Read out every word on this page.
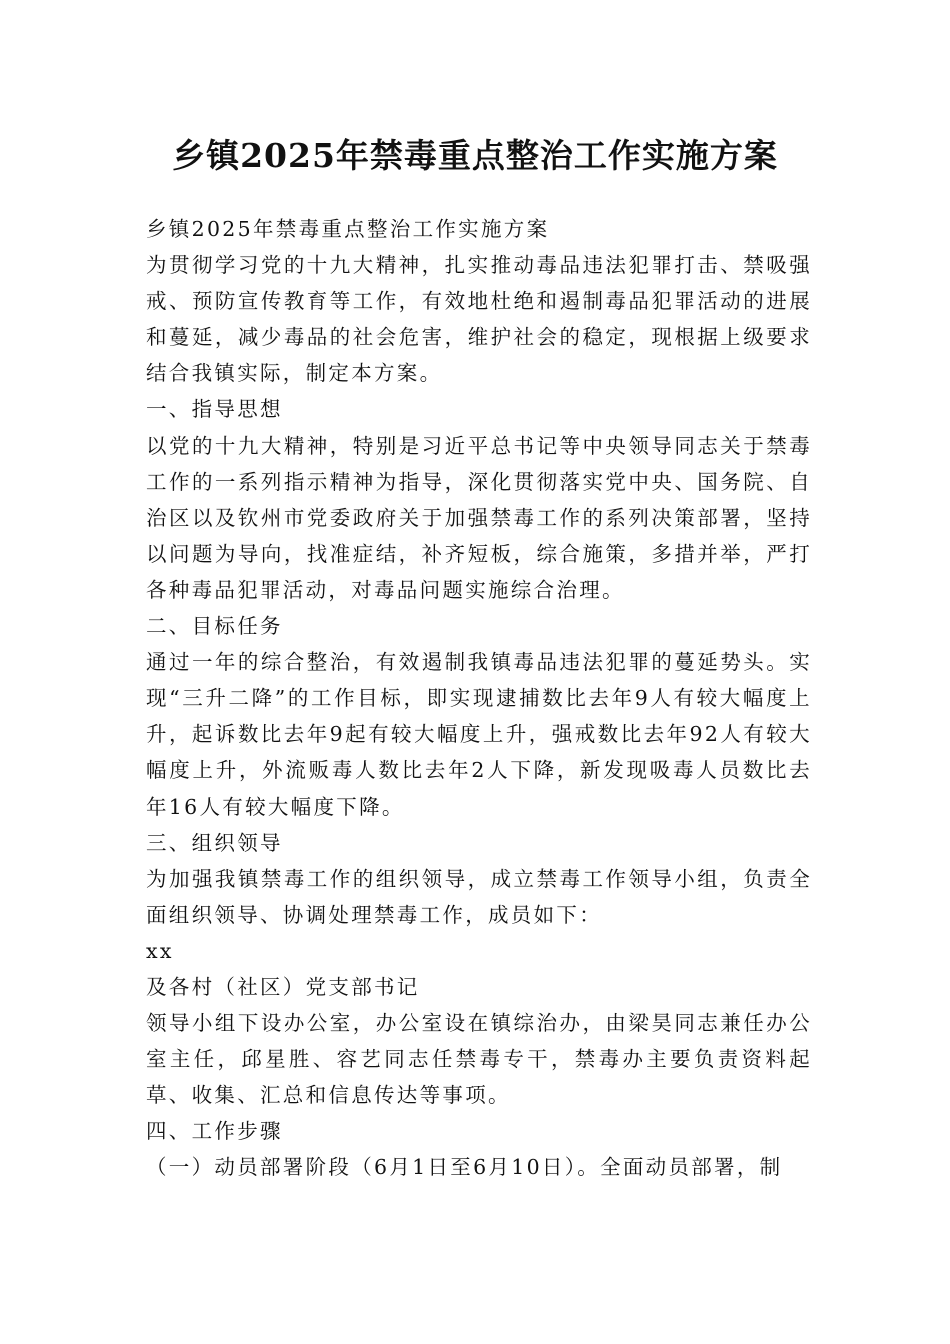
乡镇2025年禁毒重点整治工作实施方案

乡镇2025年禁毒重点整治工作实施方案

为贯彻学习党的十九大精神，扎实推动毒品违法犯罪打击、禁吸强戒、预防宣传教育等工作，有效地杜绝和遏制毒品犯罪活动的进展和蔓延，减少毒品的社会危害，维护社会的稳定，现根据上级要求结合我镇实际，制定本方案。

一、指导思想

以党的十九大精神，特别是习近平总书记等中央领导同志关于禁毒工作的一系列指示精神为指导，深化贯彻落实党中央、国务院、自治区以及钦州市党委政府关于加强禁毒工作的系列决策部署，坚持以问题为导向，找准症结，补齐短板，综合施策，多措并举，严打各种毒品犯罪活动，对毒品问题实施综合治理。

二、目标任务

通过一年的综合整治，有效遏制我镇毒品违法犯罪的蔓延势头。实现“三升二降”的工作目标，即实现逮捕数比去年9人有较大幅度上升，起诉数比去年9起有较大幅度上升，强戒数比去年92人有较大幅度上升，外流贩毒人数比去年2人下降，新发现吸毒人员数比去年16人有较大幅度下降。

三、组织领导

为加强我镇禁毒工作的组织领导，成立禁毒工作领导小组，负责全面组织领导、协调处理禁毒工作，成员如下：

xx

及各村（社区）党支部书记

领导小组下设办公室，办公室设在镇综治办，由梁昊同志兼任办公室主任，邱星胜、容艺同志任禁毒专干，禁毒办主要负责资料起草、收集、汇总和信息传达等事项。

四、工作步骤

（一）动员部署阶段（6月1日至6月10日）。全面动员部署，制
